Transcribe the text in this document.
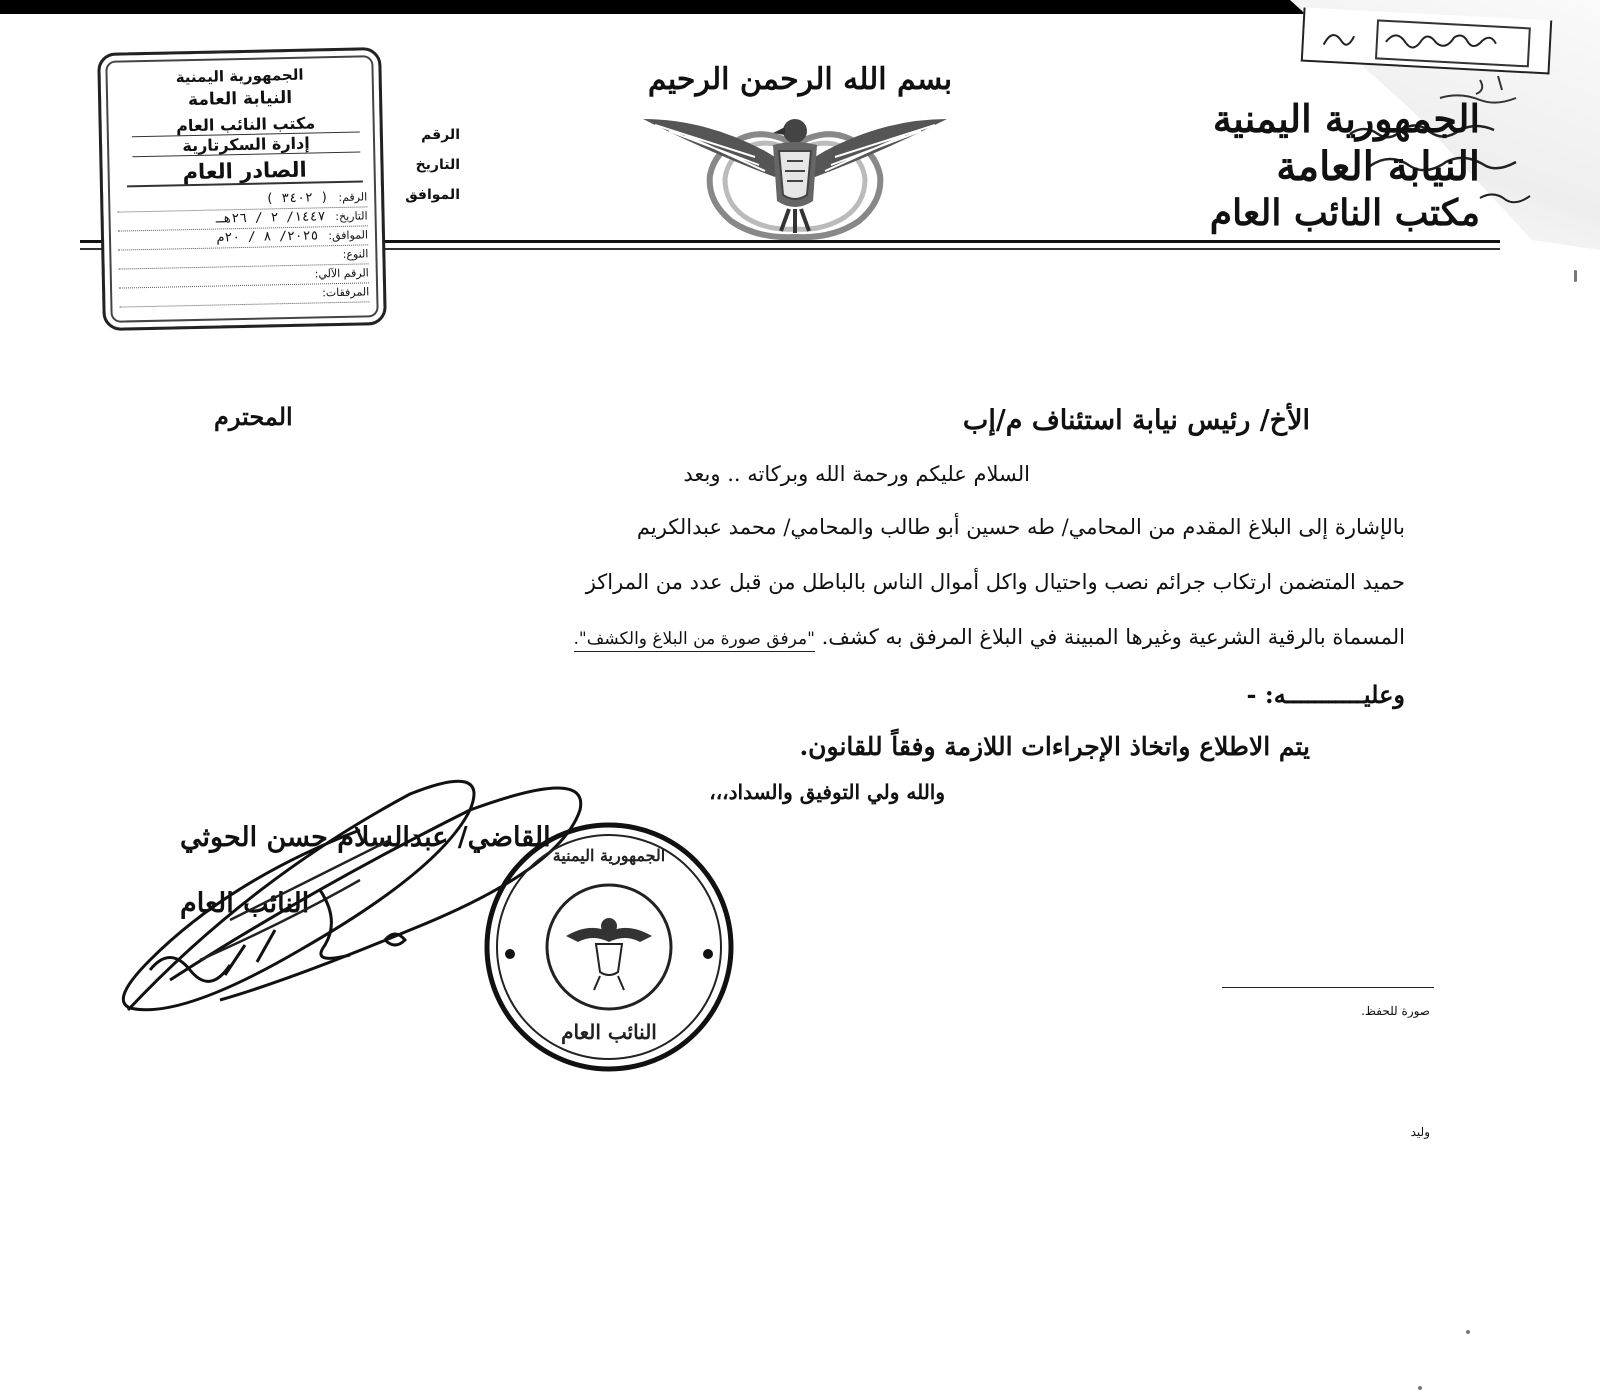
الجمهورية اليمنية
النيابة العامة
مكتب النائب العام
بسم الله الرحمن الرحيم
الرقم
التاريخ
الموافق
الجمهورية اليمنية
النيابة العامة
مكتب النائب العام
إدارة السكرتارية
الصادر العام
الرقم:( ٣٤٠٢ )
التاريخ:١٤٤٧/ ٢ / ٢٦هـ
الموافق:٢٠٢٥/ ٨ / ٢٠م
النوع:
الرقم الآلي:
المرفقات:
الأخ/ رئيس نيابة استئناف م/إب
المحترم
السلام عليكم ورحمة الله وبركاته .. وبعد
بالإشارة إلى البلاغ المقدم من المحامي/ طه حسين أبو طالب والمحامي/ محمد عبدالكريم
حميد المتضمن ارتكاب جرائم نصب واحتيال واكل أموال الناس بالباطل من قبل عدد من المراكز
المسماة بالرقية الشرعية وغيرها المبينة في البلاغ المرفق به كشف. "مرفق صورة من البلاغ والكشف".
وعليـــــــــــه: -
يتم الاطلاع واتخاذ الإجراءات اللازمة وفقاً للقانون.
والله ولي التوفيق والسداد،،،
القاضي/ عبدالسلام حسن الحوثي
النائب العام
الجمهورية اليمنية
النائب العام
صورة للحفظ.
وليد
